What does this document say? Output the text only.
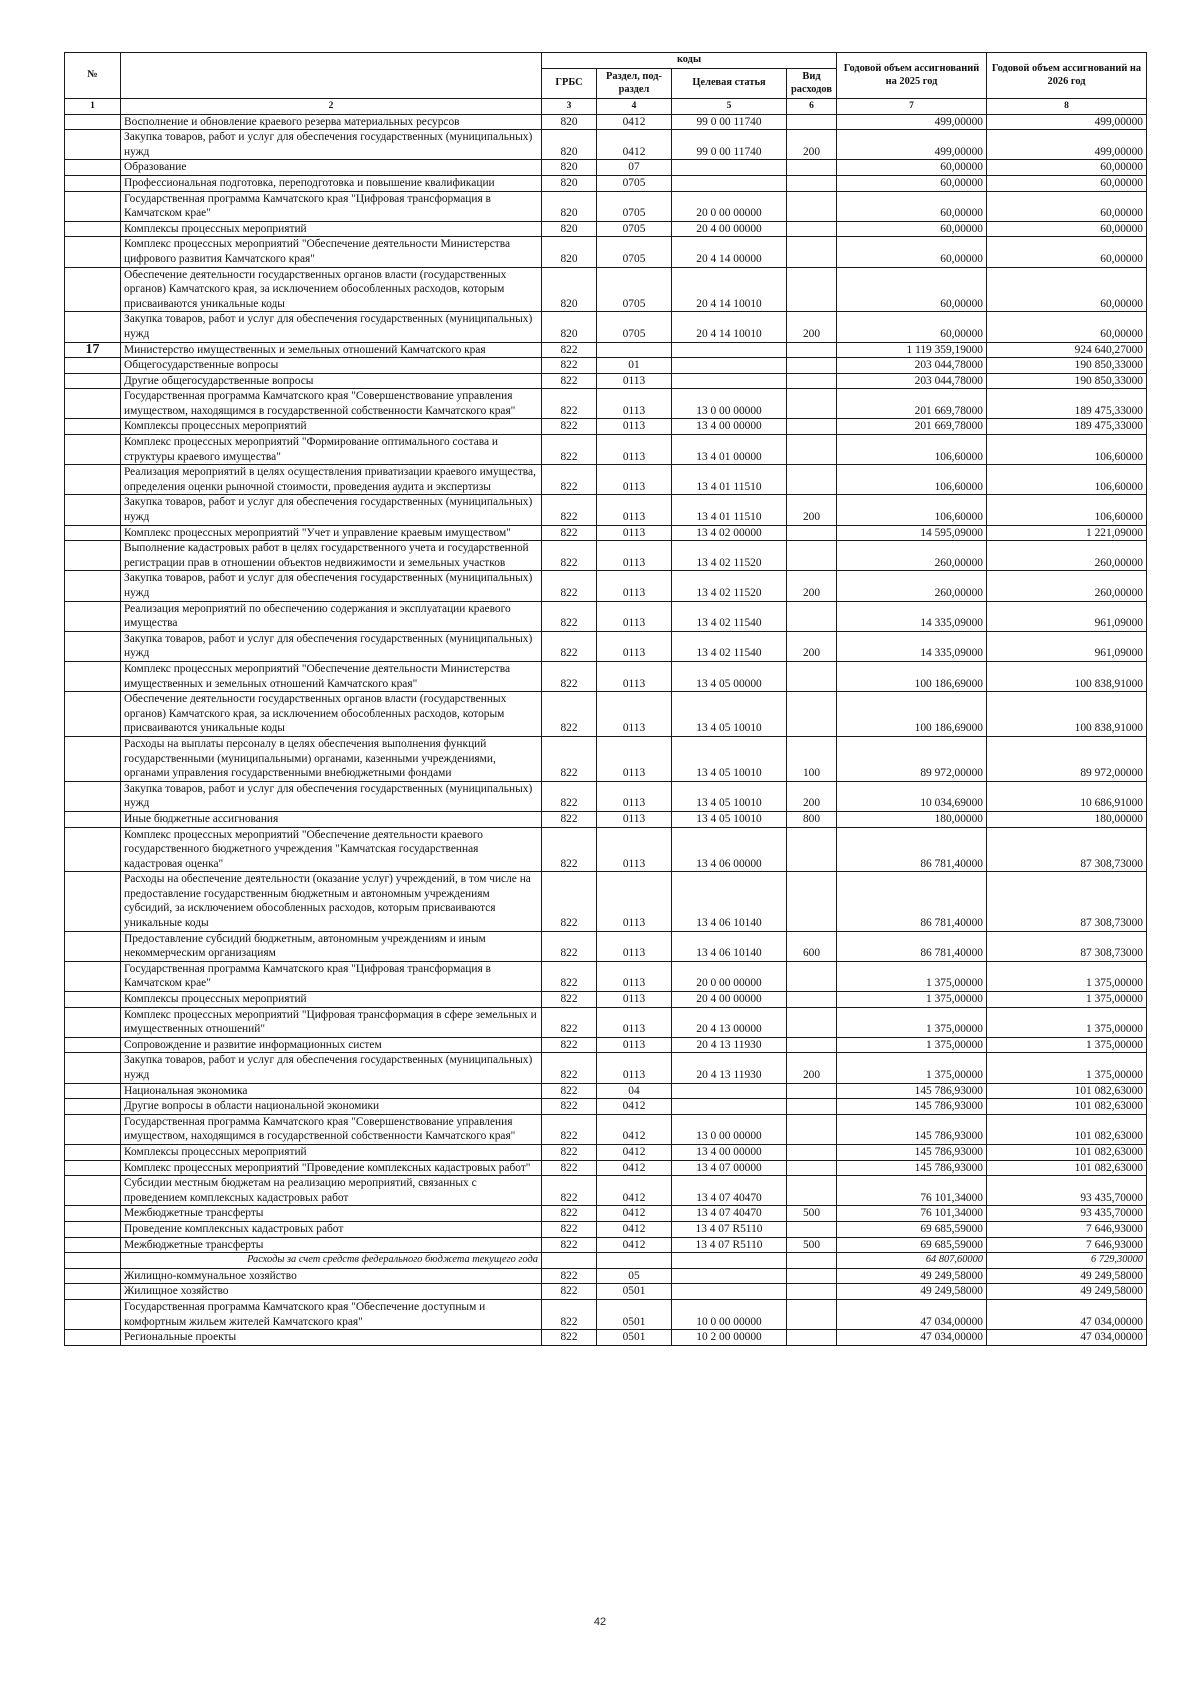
№		коды				Годовой объем ассигнований на 2025 год	Годовой объем ассигнований на 2026 год
		ГРБС	Раздел, под-раздел	Целевая статья	Вид расходов		
1	2	3	4	5	6	7	8
	Восполнение и обновление краевого резерва материальных ресурсов	820	0412	99 0 00 11740		499,00000	499,00000
	Закупка товаров, работ и услуг для обеспечения государственных (муниципальных) нужд	820	0412	99 0 00 11740	200	499,00000	499,00000
	Образование	820	07			60,00000	60,00000
	Профессиональная подготовка, переподготовка и повышение квалификации	820	0705			60,00000	60,00000
	Государственная программа Камчатского края "Цифровая трансформация в Камчатском крае"	820	0705	20 0 00 00000		60,00000	60,00000
	Комплексы процессных мероприятий	820	0705	20 4 00 00000		60,00000	60,00000
	Комплекс процессных мероприятий "Обеспечение деятельности Министерства цифрового развития Камчатского края"	820	0705	20 4 14 00000		60,00000	60,00000
	Обеспечение деятельности государственных органов власти (государственных органов) Камчатского края, за исключением обособленных расходов, которым присваиваются уникальные коды	820	0705	20 4 14 10010		60,00000	60,00000
	Закупка товаров, работ и услуг для обеспечения государственных (муниципальных) нужд	820	0705	20 4 14 10010	200	60,00000	60,00000
17	Министерство имущественных и земельных отношений Камчатского края	822				1 119 359,19000	924 640,27000
	Общегосударственные вопросы	822	01			203 044,78000	190 850,33000
	Другие общегосударственные вопросы	822	0113			203 044,78000	190 850,33000
	Государственная программа Камчатского края "Совершенствование управления имуществом, находящимся в государственной собственности Камчатского края"	822	0113	13 0 00 00000		201 669,78000	189 475,33000
	Комплексы процессных мероприятий	822	0113	13 4 00 00000		201 669,78000	189 475,33000
	Комплекс процессных мероприятий "Формирование оптимального состава и структуры краевого имущества"	822	0113	13 4 01 00000		106,60000	106,60000
	Реализация мероприятий в целях осуществления приватизации краевого имущества, определения оценки рыночной стоимости, проведения аудита и экспертизы	822	0113	13 4 01 11510		106,60000	106,60000
	Закупка товаров, работ и услуг для обеспечения государственных (муниципальных) нужд	822	0113	13 4 01 11510	200	106,60000	106,60000
	Комплекс процессных мероприятий "Учет и управление краевым имуществом"	822	0113	13 4 02 00000		14 595,09000	1 221,09000
	Выполнение кадастровых работ в целях государственного учета и государственной регистрации прав в отношении объектов недвижимости и земельных участков	822	0113	13 4 02 11520		260,00000	260,00000
	Закупка товаров, работ и услуг для обеспечения государственных (муниципальных) нужд	822	0113	13 4 02 11520	200	260,00000	260,00000
	Реализация мероприятий по обеспечению содержания и эксплуатации краевого имущества	822	0113	13 4 02 11540		14 335,09000	961,09000
	Закупка товаров, работ и услуг для обеспечения государственных (муниципальных) нужд	822	0113	13 4 02 11540	200	14 335,09000	961,09000
	Комплекс процессных мероприятий "Обеспечение деятельности Министерства имущественных и земельных отношений Камчатского края"	822	0113	13 4 05 00000		100 186,69000	100 838,91000
	Обеспечение деятельности государственных органов власти (государственных органов) Камчатского края, за исключением обособленных расходов, которым присваиваются уникальные коды	822	0113	13 4 05 10010		100 186,69000	100 838,91000
	Расходы на выплаты персоналу в целях обеспечения выполнения функций государственными (муниципальными) органами, казенными учреждениями, органами управления государственными внебюджетными фондами	822	0113	13 4 05 10010	100	89 972,00000	89 972,00000
	Закупка товаров, работ и услуг для обеспечения государственных (муниципальных) нужд	822	0113	13 4 05 10010	200	10 034,69000	10 686,91000
	Иные бюджетные ассигнования	822	0113	13 4 05 10010	800	180,00000	180,00000
	Комплекс процессных мероприятий "Обеспечение деятельности краевого государственного бюджетного учреждения "Камчатская государственная кадастровая оценка"	822	0113	13 4 06 00000		86 781,40000	87 308,73000
	Расходы на обеспечение деятельности (оказание услуг) учреждений, в том числе на предоставление государственным бюджетным и автономным учреждениям субсидий, за исключением обособленных расходов, которым присваиваются уникальные коды	822	0113	13 4 06 10140		86 781,40000	87 308,73000
	Предоставление субсидий бюджетным, автономным учреждениям и иным некоммерческим организациям	822	0113	13 4 06 10140	600	86 781,40000	87 308,73000
	Государственная программа Камчатского края "Цифровая трансформация в Камчатском крае"	822	0113	20 0 00 00000		1 375,00000	1 375,00000
	Комплексы процессных мероприятий	822	0113	20 4 00 00000		1 375,00000	1 375,00000
	Комплекс процессных мероприятий "Цифровая трансформация в сфере земельных и имущественных отношений"	822	0113	20 4 13 00000		1 375,00000	1 375,00000
	Сопровождение и развитие информационных систем	822	0113	20 4 13 11930		1 375,00000	1 375,00000
	Закупка товаров, работ и услуг для обеспечения государственных (муниципальных) нужд	822	0113	20 4 13 11930	200	1 375,00000	1 375,00000
	Национальная экономика	822	04			145 786,93000	101 082,63000
	Другие вопросы в области национальной экономики	822	0412			145 786,93000	101 082,63000
	Государственная программа Камчатского края "Совершенствование управления имуществом, находящимся в государственной собственности Камчатского края"	822	0412	13 0 00 00000		145 786,93000	101 082,63000
	Комплексы процессных мероприятий	822	0412	13 4 00 00000		145 786,93000	101 082,63000
	Комплекс процессных мероприятий "Проведение комплексных кадастровых работ"	822	0412	13 4 07 00000		145 786,93000	101 082,63000
	Субсидии местным бюджетам на реализацию мероприятий, связанных с проведением комплексных кадастровых работ	822	0412	13 4 07 40470		76 101,34000	93 435,70000
	Межбюджетные трансферты	822	0412	13 4 07 40470	500	76 101,34000	93 435,70000
	Проведение комплексных кадастровых работ	822	0412	13 4 07 R5110		69 685,59000	7 646,93000
	Межбюджетные трансферты	822	0412	13 4 07 R5110	500	69 685,59000	7 646,93000
	Расходы за счет средств федерального бюджета текущего года					64 807,60000	6 729,30000
	Жилищно-коммунальное хозяйство	822	05			49 249,58000	49 249,58000
	Жилищное хозяйство	822	0501			49 249,58000	49 249,58000
	Государственная программа Камчатского края "Обеспечение доступным и комфортным жильем жителей Камчатского края"	822	0501	10 0 00 00000		47 034,00000	47 034,00000
	Региональные проекты	822	0501	10 2 00 00000		47 034,00000	47 034,00000
42
